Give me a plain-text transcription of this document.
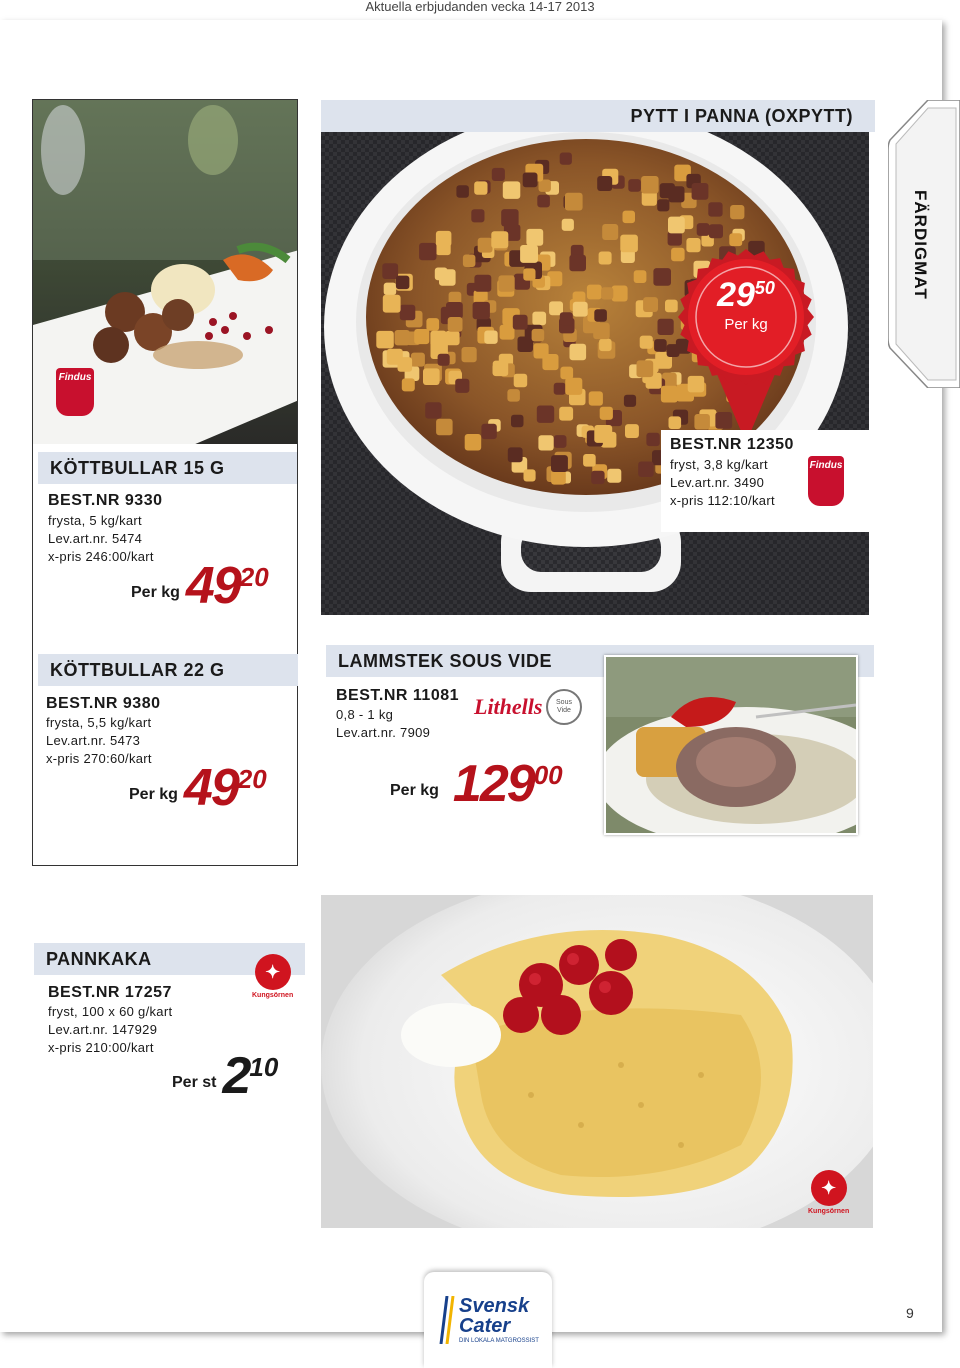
Aktuella erbjudanden vecka 14-17 2013
FÄRDIGMAT
Findus
KÖTTBULLAR 15 G
BEST.NR 9330
frysta, 5 kg/kart
Lev.art.nr. 5474
x-pris 246:00/kart
Per kg 49 20
PYTT I PANNA (OXPYTT)
29 50
Per kg
BEST.NR 12350
fryst, 3,8 kg/kart
Lev.art.nr. 3490
x-pris 112:10/kart
Findus
KÖTTBULLAR 22 G
BEST.NR 9380
frysta, 5,5 kg/kart
Lev.art.nr. 5473
x-pris 270:60/kart
Per kg 49 20
LAMMSTEK SOUS VIDE
BEST.NR 11081
0,8 - 1 kg
Lev.art.nr. 7909
Lithells	Sous Vide
Per kg 129 00
PANNKAKA
BEST.NR 17257
fryst, 100 x 60 g/kart
Lev.art.nr. 147929
x-pris 210:00/kart
✦
Kungsörnen
✦
Kungsörnen
Per st 2 10
Svensk
Cater
DIN LOKALA MATGROSSIST
9
